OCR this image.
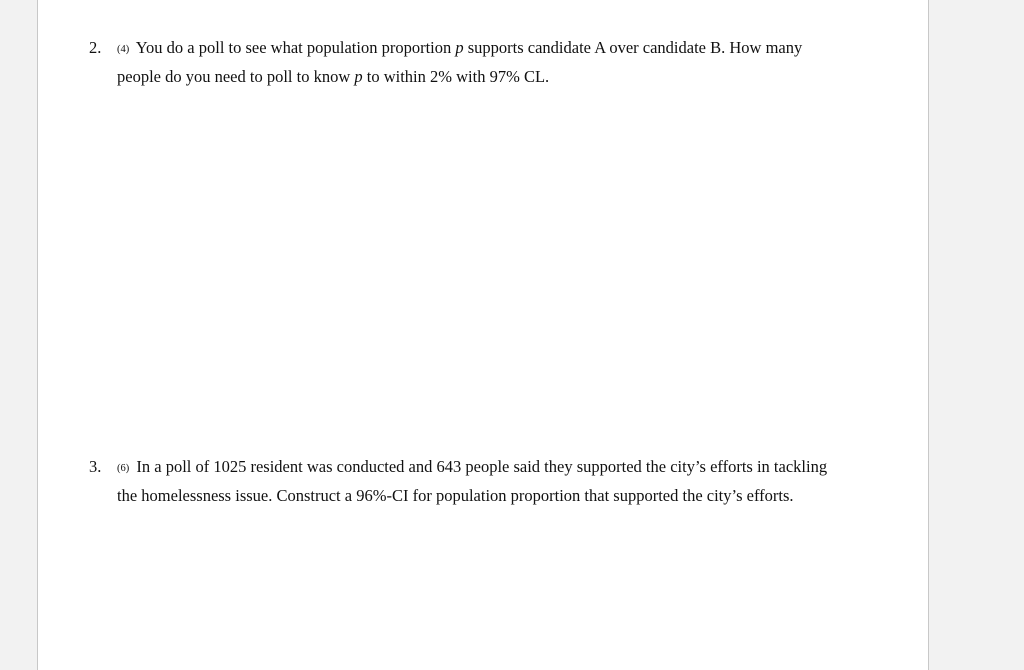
2.	(4) You do a poll to see what population proportion p supports candidate A over candidate B. How many people do you need to poll to know p to within 2% with 97% CL.
3.	(6) In a poll of 1025 resident was conducted and 643 people said they supported the city’s efforts in tackling the homelessness issue. Construct a 96%-CI for population proportion that supported the city’s efforts.
